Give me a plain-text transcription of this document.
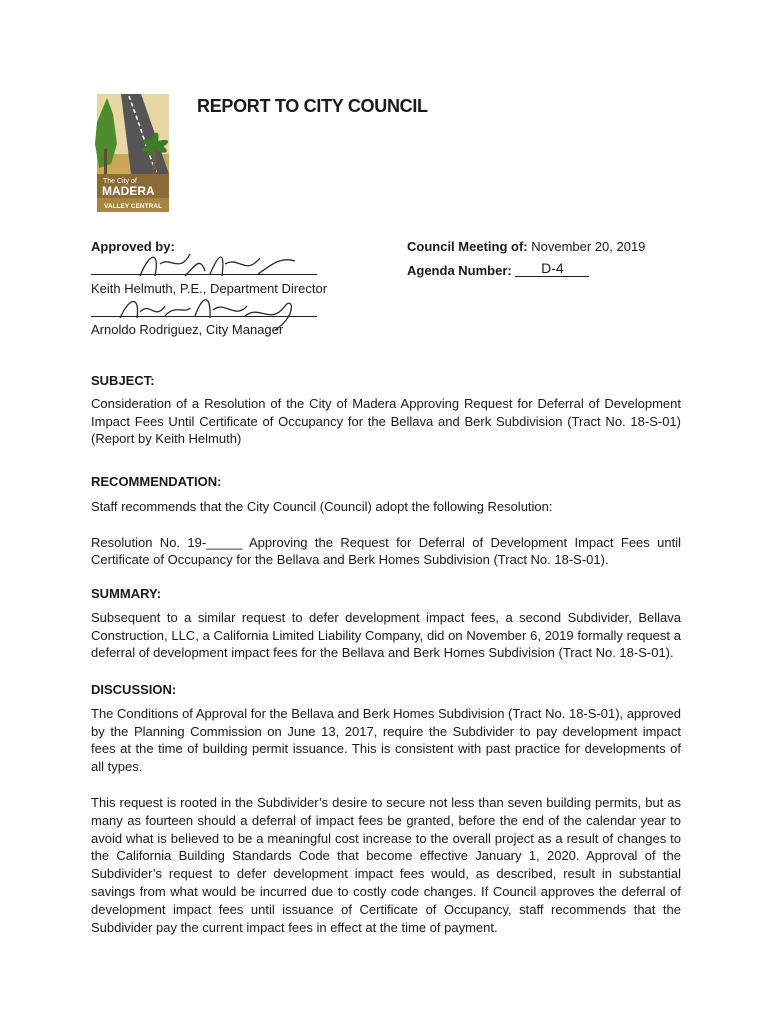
The City of
MADERA
VALLEY CENTRAL
REPORT TO CITY COUNCIL
Approved by:
Keith Helmuth, P.E., Department Director
Arnoldo Rodriguez, City Manager
Council Meeting of: November 20, 2019
Agenda Number: D-4
SUBJECT:

Consideration of a Resolution of the City of Madera Approving Request for Deferral of Development Impact Fees Until Certificate of Occupancy for the Bellava and Berk Subdivision (Tract No. 18-S-01) (Report by Keith Helmuth)

RECOMMENDATION:

Staff recommends that the City Council (Council) adopt the following Resolution:

Resolution No. 19-_____ Approving the Request for Deferral of Development Impact Fees until Certificate of Occupancy for the Bellava and Berk Homes Subdivision (Tract No. 18-S-01).

SUMMARY:

Subsequent to a similar request to defer development impact fees, a second Subdivider, Bellava Construction, LLC, a California Limited Liability Company, did on November 6, 2019 formally request a deferral of development impact fees for the Bellava and Berk Homes Subdivision (Tract No. 18-S-01).

DISCUSSION:

The Conditions of Approval for the Bellava and Berk Homes Subdivision (Tract No. 18-S-01), approved by the Planning Commission on June 13, 2017, require the Subdivider to pay development impact fees at the time of building permit issuance. This is consistent with past practice for developments of all types.

This request is rooted in the Subdivider’s desire to secure not less than seven building permits, but as many as fourteen should a deferral of impact fees be granted, before the end of the calendar year to avoid what is believed to be a meaningful cost increase to the overall project as a result of changes to the California Building Standards Code that become effective January 1, 2020. Approval of the Subdivider’s request to defer development impact fees would, as described, result in substantial savings from what would be incurred due to costly code changes. If Council approves the deferral of development impact fees until issuance of Certificate of Occupancy, staff recommends that the Subdivider pay the current impact fees in effect at the time of payment.
